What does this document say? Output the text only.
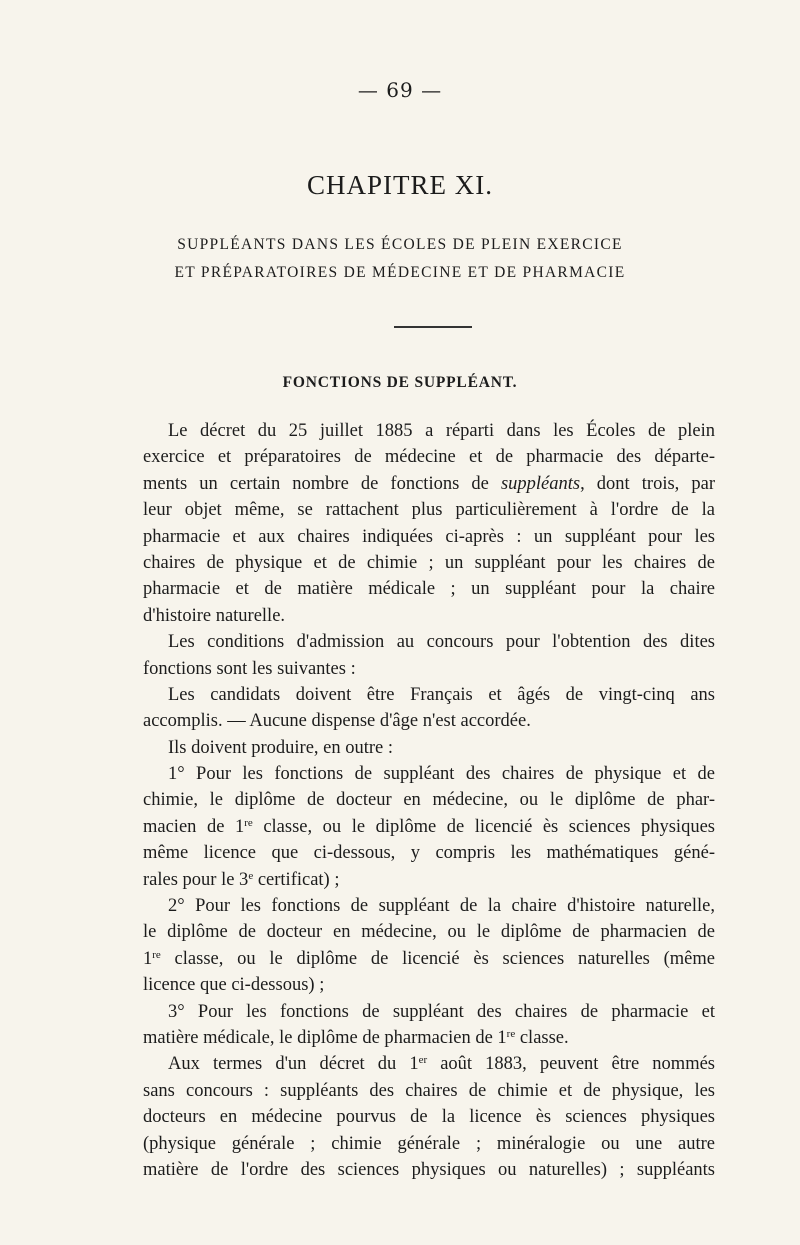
— 69 —
CHAPITRE XI.
SUPPLÉANTS DANS LES ÉCOLES DE PLEIN EXERCICE
ET PRÉPARATOIRES DE MÉDECINE ET DE PHARMACIE
FONCTIONS DE SUPPLÉANT.
Le décret du 25 juillet 1885 a réparti dans les Écoles de plein
exercice et préparatoires de médecine et de pharmacie des départe-
ments un certain nombre de fonctions de suppléants, dont trois, par
leur objet même, se rattachent plus particulièrement à l'ordre de la
pharmacie et aux chaires indiquées ci-après : un suppléant pour les
chaires de physique et de chimie ; un suppléant pour les chaires de
pharmacie et de matière médicale ; un suppléant pour la chaire
d'histoire naturelle.
Les conditions d'admission au concours pour l'obtention des dites
fonctions sont les suivantes :
Les candidats doivent être Français et âgés de vingt-cinq ans
accomplis. — Aucune dispense d'âge n'est accordée.
Ils doivent produire, en outre :
1° Pour les fonctions de suppléant des chaires de physique et de
chimie, le diplôme de docteur en médecine, ou le diplôme de phar-
macien de 1re classe, ou le diplôme de licencié ès sciences physiques
même licence que ci-dessous, y compris les mathématiques géné-
rales pour le 3e certificat) ;
2° Pour les fonctions de suppléant de la chaire d'histoire naturelle,
le diplôme de docteur en médecine, ou le diplôme de pharmacien de
1re classe, ou le diplôme de licencié ès sciences naturelles (même
licence que ci-dessous) ;
3° Pour les fonctions de suppléant des chaires de pharmacie et
matière médicale, le diplôme de pharmacien de 1re classe.
Aux termes d'un décret du 1er août 1883, peuvent être nommés
sans concours : suppléants des chaires de chimie et de physique, les
docteurs en médecine pourvus de la licence ès sciences physiques
(physique générale ; chimie générale ; minéralogie ou une autre
matière de l'ordre des sciences physiques ou naturelles) ; suppléants
